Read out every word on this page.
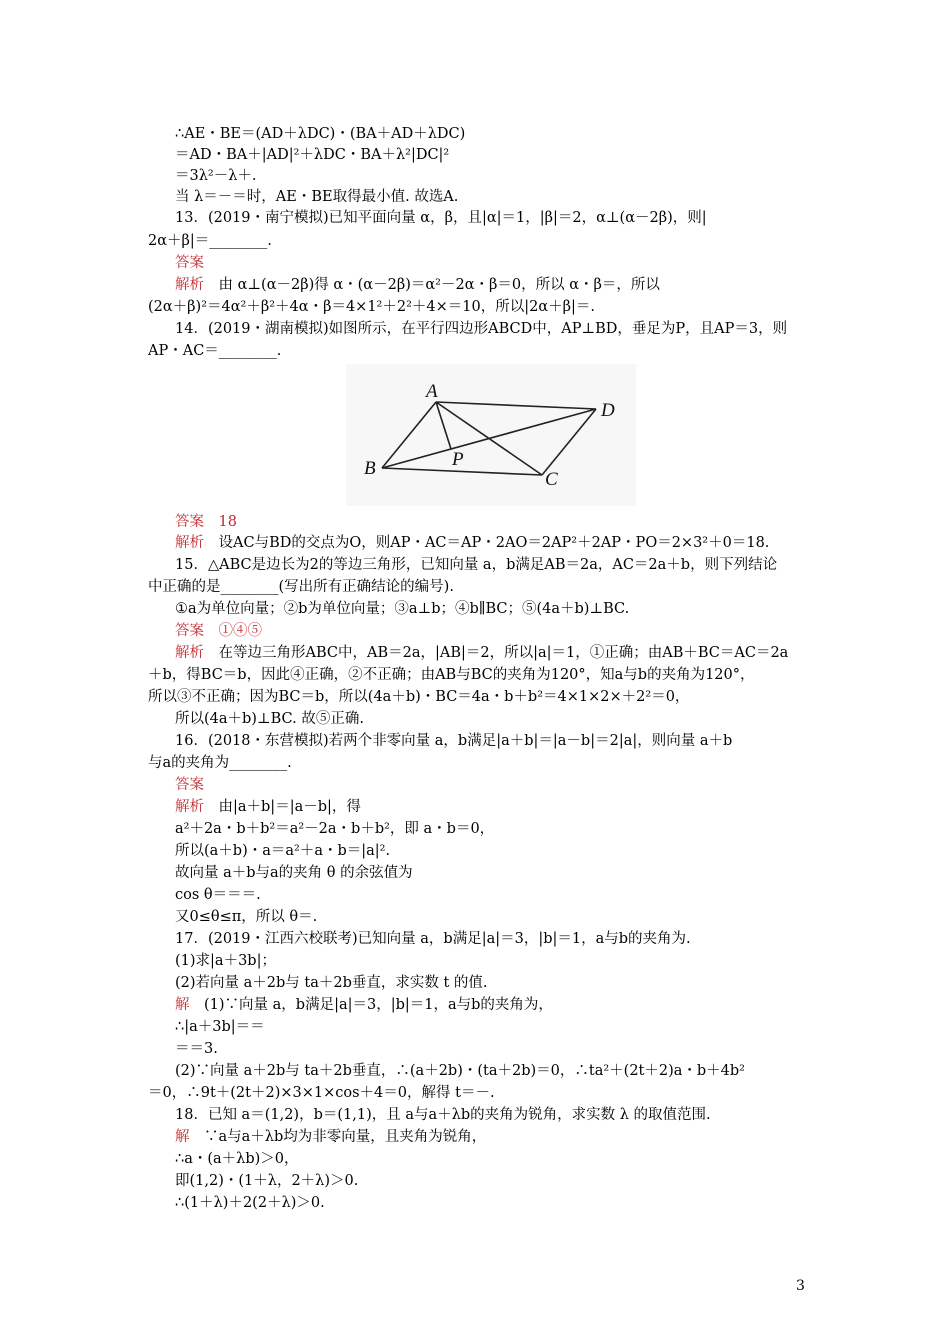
∴AE・BE＝(AD＋λDC)・(BA＋AD＋λDC)
＝AD・BA＋|AD|²＋λDC・BA＋λ²|DC|²
＝3λ²－λ＋.
当 λ＝－＝时，AE・BE取得最小值. 故选A.
13．(2019・南宁模拟)已知平面向量 α，β，且|α|＝1，|β|＝2，α⊥(α－2β)，则|
2α＋β|＝________.
答案
解析　由 α⊥(α－2β)得 α・(α－2β)＝α²－2α・β＝0，所以 α・β＝，所以
(2α＋β)²＝4α²＋β²＋4α・β＝4×1²＋2²＋4×＝10，所以|2α＋β|＝.
14．(2019・湖南模拟)如图所示，在平行四边形ABCD中，AP⊥BD，垂足为P，且AP＝3，则
AP・AC＝________.
A
B
C
D
P
答案　18
解析　设AC与BD的交点为O，则AP・AC＝AP・2AO＝2AP²＋2AP・PO＝2×3²＋0＝18.
15．△ABC是边长为2的等边三角形，已知向量 a，b满足AB＝2a，AC＝2a＋b，则下列结论
中正确的是________(写出所有正确结论的编号).
①a为单位向量；②b为单位向量；③a⊥b；④b∥BC；⑤(4a＋b)⊥BC.
答案　①④⑤
解析　在等边三角形ABC中，AB＝2a，|AB|＝2，所以|a|＝1，①正确；由AB＋BC＝AC＝2a
＋b，得BC＝b，因此④正确，②不正确；由AB与BC的夹角为120°，知a与b的夹角为120°，
所以③不正确；因为BC＝b，所以(4a＋b)・BC＝4a・b＋b²＝4×1×2×＋2²＝0，
所以(4a＋b)⊥BC. 故⑤正确.
16．(2018・东营模拟)若两个非零向量 a，b满足|a＋b|＝|a－b|＝2|a|，则向量 a＋b
与a的夹角为________.
答案
解析　由|a＋b|＝|a－b|，得
a²＋2a・b＋b²＝a²－2a・b＋b²，即 a・b＝0，
所以(a＋b)・a＝a²＋a・b＝|a|².
故向量 a＋b与a的夹角 θ 的余弦值为
cos θ＝＝＝.
又0≤θ≤π，所以 θ＝.
17．(2019・江西六校联考)已知向量 a，b满足|a|＝3，|b|＝1，a与b的夹角为.
(1)求|a＋3b|；
(2)若向量 a＋2b与 ta＋2b垂直，求实数 t 的值.
解　(1)∵向量 a，b满足|a|＝3，|b|＝1，a与b的夹角为，
∴|a＋3b|＝＝
＝＝3.
(2)∵向量 a＋2b与 ta＋2b垂直，∴(a＋2b)・(ta＋2b)＝0，∴ta²＋(2t＋2)a・b＋4b²
＝0，∴9t＋(2t＋2)×3×1×cos＋4＝0，解得 t＝－.
18．已知 a＝(1,2)，b＝(1,1)，且 a与a＋λb的夹角为锐角，求实数 λ 的取值范围.
解　∵a与a＋λb均为非零向量，且夹角为锐角，
∴a・(a＋λb)＞0，
即(1,2)・(1＋λ，2＋λ)＞0.
∴(1＋λ)＋2(2＋λ)＞0.
3
